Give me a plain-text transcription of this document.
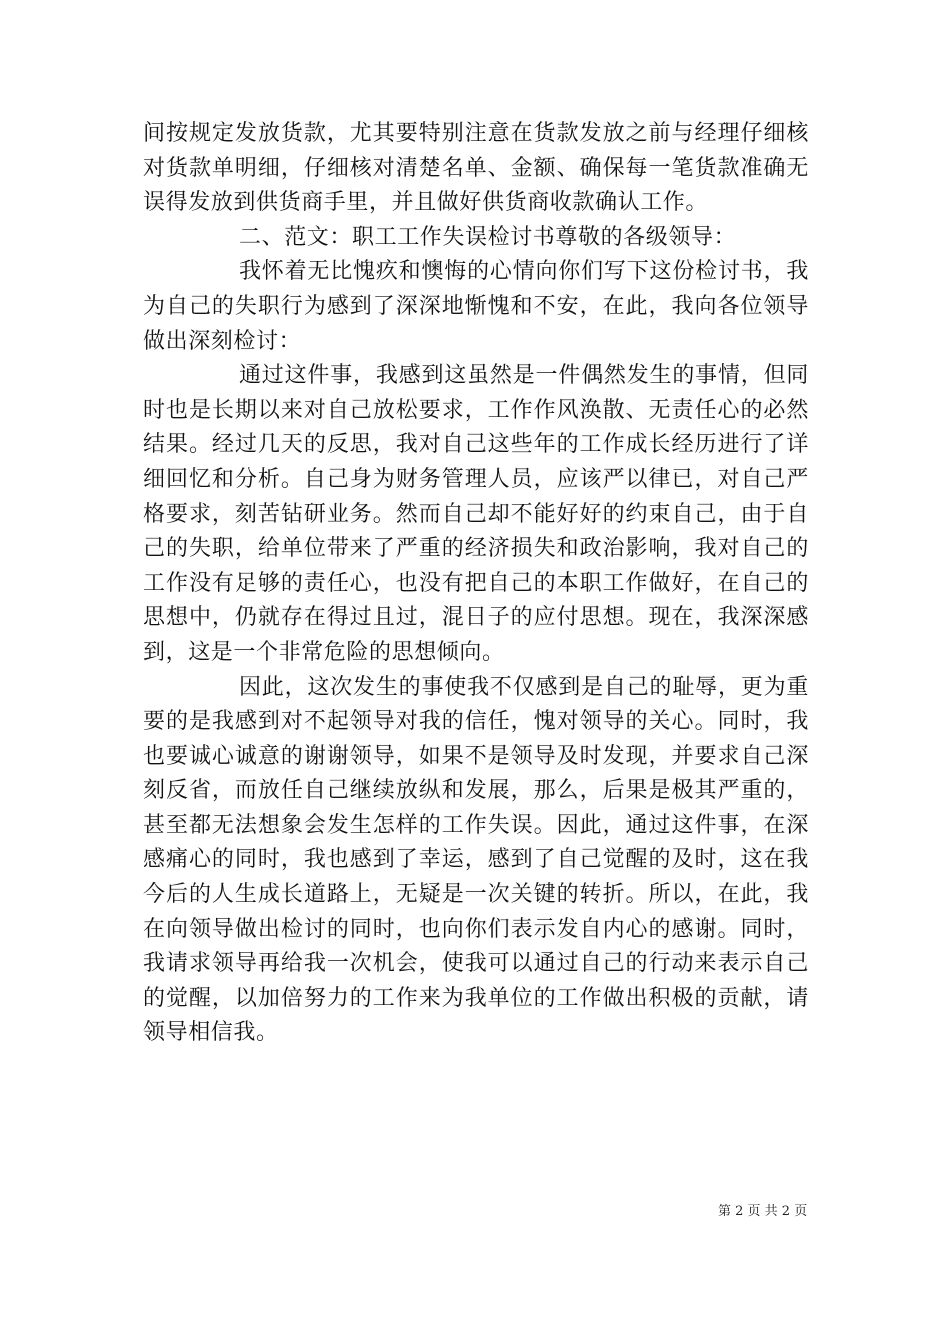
间按规定发放货款，尤其要特别注意在货款发放之前与经理仔细核对货款单明细，仔细核对清楚名单、金额、确保每一笔货款准确无误得发放到供货商手里，并且做好供货商收款确认工作。

二、范文：职工工作失误检讨书尊敬的各级领导：

我怀着无比愧疚和懊悔的心情向你们写下这份检讨书，我为自己的失职行为感到了深深地惭愧和不安，在此，我向各位领导做出深刻检讨：

通过这件事，我感到这虽然是一件偶然发生的事情，但同时也是长期以来对自己放松要求，工作作风涣散、无责任心的必然结果。经过几天的反思，我对自己这些年的工作成长经历进行了详细回忆和分析。自己身为财务管理人员，应该严以律已，对自己严格要求，刻苦钻研业务。然而自己却不能好好的约束自己，由于自己的失职，给单位带来了严重的经济损失和政治影响，我对自己的工作没有足够的责任心，也没有把自己的本职工作做好，在自己的思想中，仍就存在得过且过，混日子的应付思想。现在，我深深感到，这是一个非常危险的思想倾向。

因此，这次发生的事使我不仅感到是自己的耻辱，更为重要的是我感到对不起领导对我的信任，愧对领导的关心。同时，我也要诚心诚意的谢谢领导，如果不是领导及时发现，并要求自己深刻反省，而放任自己继续放纵和发展，那么，后果是极其严重的，甚至都无法想象会发生怎样的工作失误。因此，通过这件事，在深感痛心的同时，我也感到了幸运，感到了自己觉醒的及时，这在我今后的人生成长道路上，无疑是一次关键的转折。所以，在此，我在向领导做出检讨的同时，也向你们表示发自内心的感谢。同时，我请求领导再给我一次机会，使我可以通过自己的行动来表示自己的觉醒，以加倍努力的工作来为我单位的工作做出积极的贡献，请领导相信我。

第 2 页 共 2 页
